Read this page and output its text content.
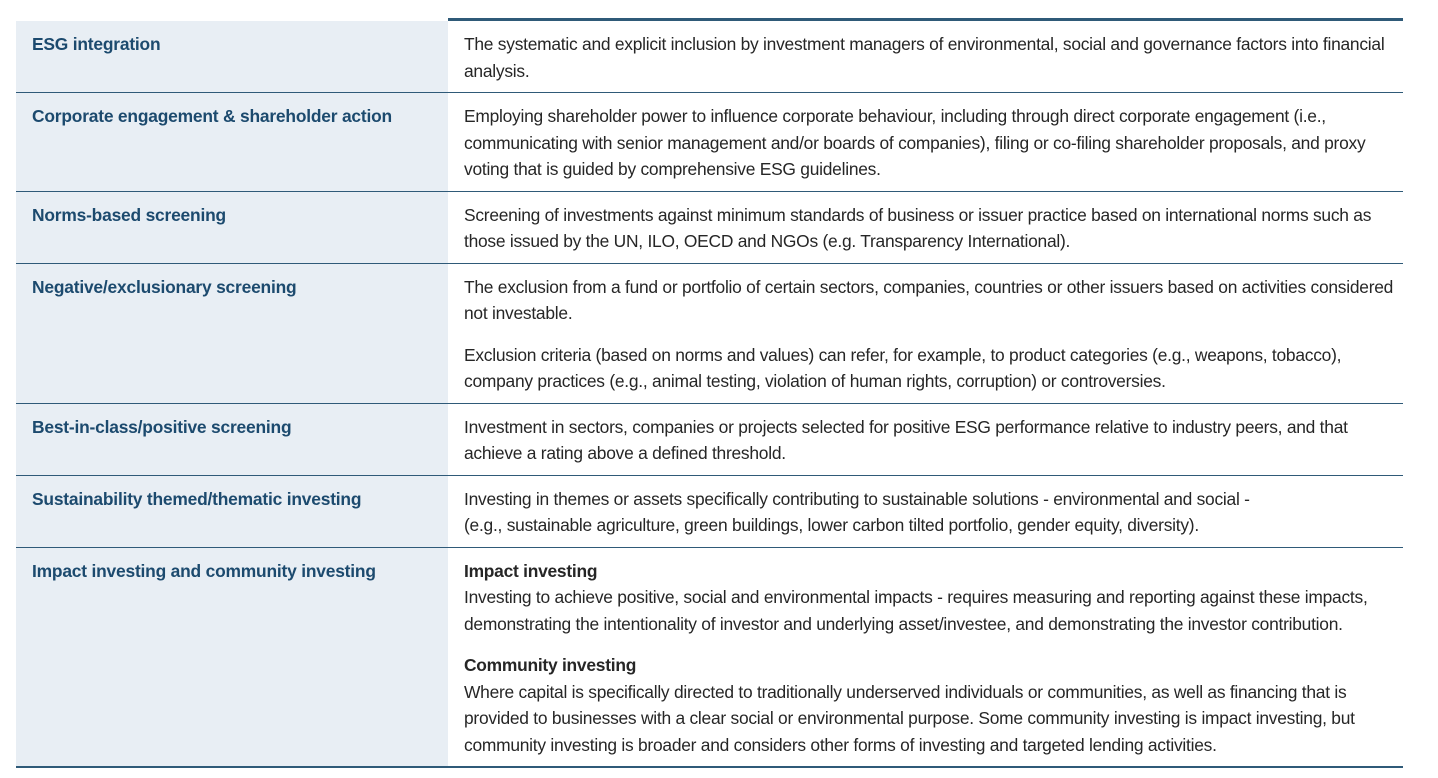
ESG integration	The systematic and explicit inclusion by investment managers of environmental, social and governance factors into financial analysis.

Corporate engagement & shareholder action	Employing shareholder power to influence corporate behaviour, including through direct corporate engagement (i.e., communicating with senior management and/or boards of companies), filing or co-filing shareholder proposals, and proxy voting that is guided by comprehensive ESG guidelines.

Norms-based screening	Screening of investments against minimum standards of business or issuer practice based on international norms such as those issued by the UN, ILO, OECD and NGOs (e.g. Transparency International).

Negative/exclusionary screening	The exclusion from a fund or portfolio of certain sectors, companies, countries or other issuers based on activities considered not investable.

Exclusion criteria (based on norms and values) can refer, for example, to product categories (e.g., weapons, tobacco), company practices (e.g., animal testing, violation of human rights, corruption) or controversies.

Best-in-class/positive screening	Investment in sectors, companies or projects selected for positive ESG performance relative to industry peers, and that achieve a rating above a defined threshold.

Sustainability themed/thematic investing	Investing in themes or assets specifically contributing to sustainable solutions - environmental and social -
(e.g., sustainable agriculture, green buildings, lower carbon tilted portfolio, gender equity, diversity).
Impact investing and community investing	Impact investing
Investing to achieve positive, social and environmental impacts - requires measuring and reporting against these impacts, demonstrating the intentionality of investor and underlying asset/investee, and demonstrating the investor contribution.
Community investing
Where capital is specifically directed to traditionally underserved individuals or communities, as well as financing that is provided to businesses with a clear social or environmental purpose. Some community investing is impact investing, but community investing is broader and considers other forms of investing and targeted lending activities.
